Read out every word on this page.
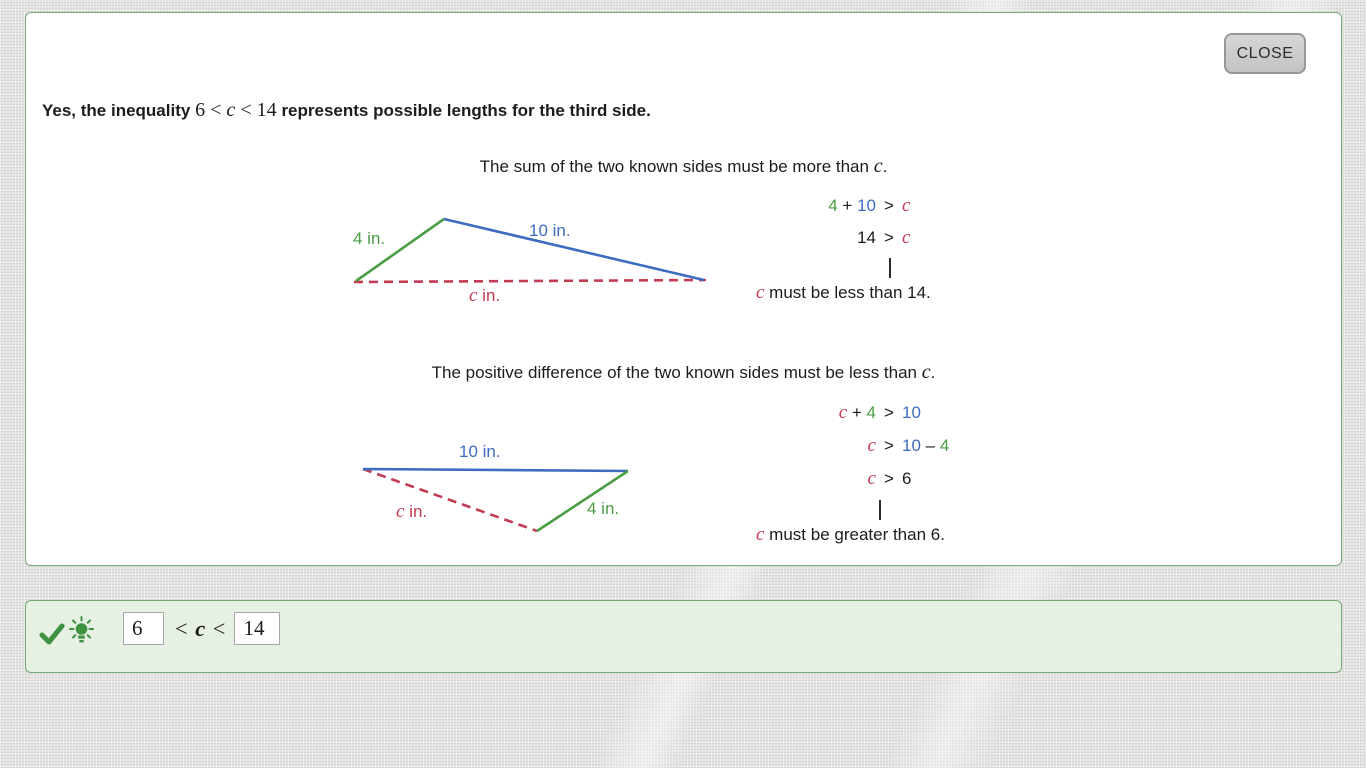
CLOSE
Yes, the inequality 6 < c < 14 represents possible lengths for the third side.
The sum of the two known sides must be more than c.
4 in.	10 in.
c in.
4 + 10 > c
14 > c
c must be less than 14.
The positive difference of the two known sides must be less than c.
10 in.
c in.	4 in.
c + 4 > 10
c > 10 – 4
c > 6
c must be greater than 6.
6
< c <
14
